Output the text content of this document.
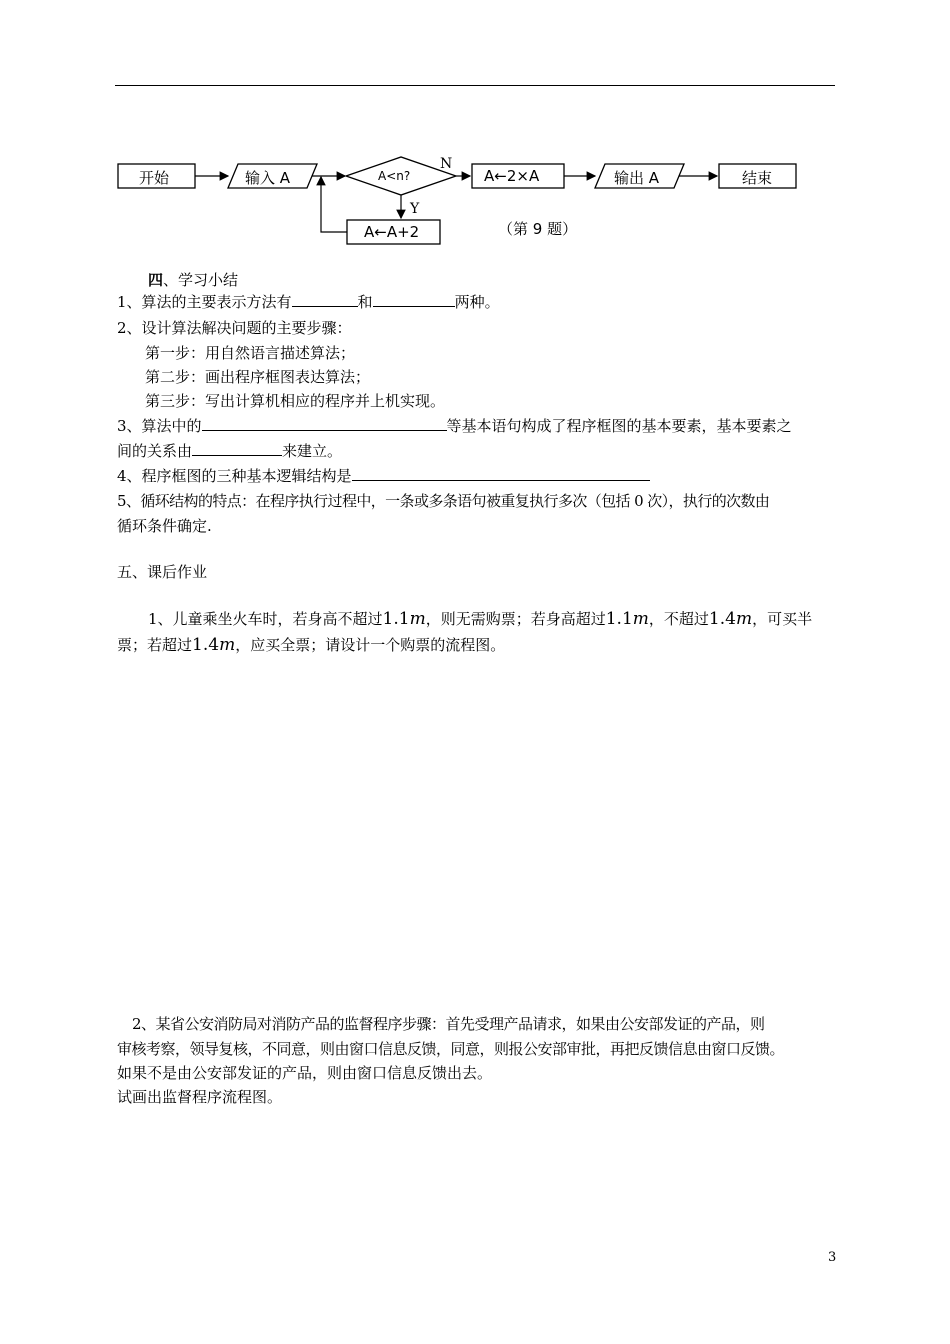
开始	输入 A	A<n?
N
A←2×A	输出 A	结束
Y
A←A+2	（第 9 题）
四、学习小结
1、算法的主要表示方法有	和	两种。
2、设计算法解决问题的主要步骤：
第一步：用自然语言描述算法；
第二步：画出程序框图表达算法；
第三步：写出计算机相应的程序并上机实现。
3、算法中的	等基本语句构成了程序框图的基本要素，基本要素之
间的关系由	来建立。
4、程序框图的三种基本逻辑结构是
5、循环结构的特点：在程序执行过程中，一条或多条语句被重复执行多次（包括 0 次），执行的次数由
循环条件确定.
五、课后作业
1、儿童乘坐火车时，若身高不超过1.1m，则无需购票；若身高超过1.1m，不超过1.4m，可买半
票；若超过1.4m，应买全票；请设计一个购票的流程图。
2、某省公安消防局对消防产品的监督程序步骤：首先受理产品请求，如果由公安部发证的产品，则
审核考察，领导复核，不同意，则由窗口信息反馈，同意，则报公安部审批，再把反馈信息由窗口反馈。
如果不是由公安部发证的产品，则由窗口信息反馈出去。
试画出监督程序流程图。
3
